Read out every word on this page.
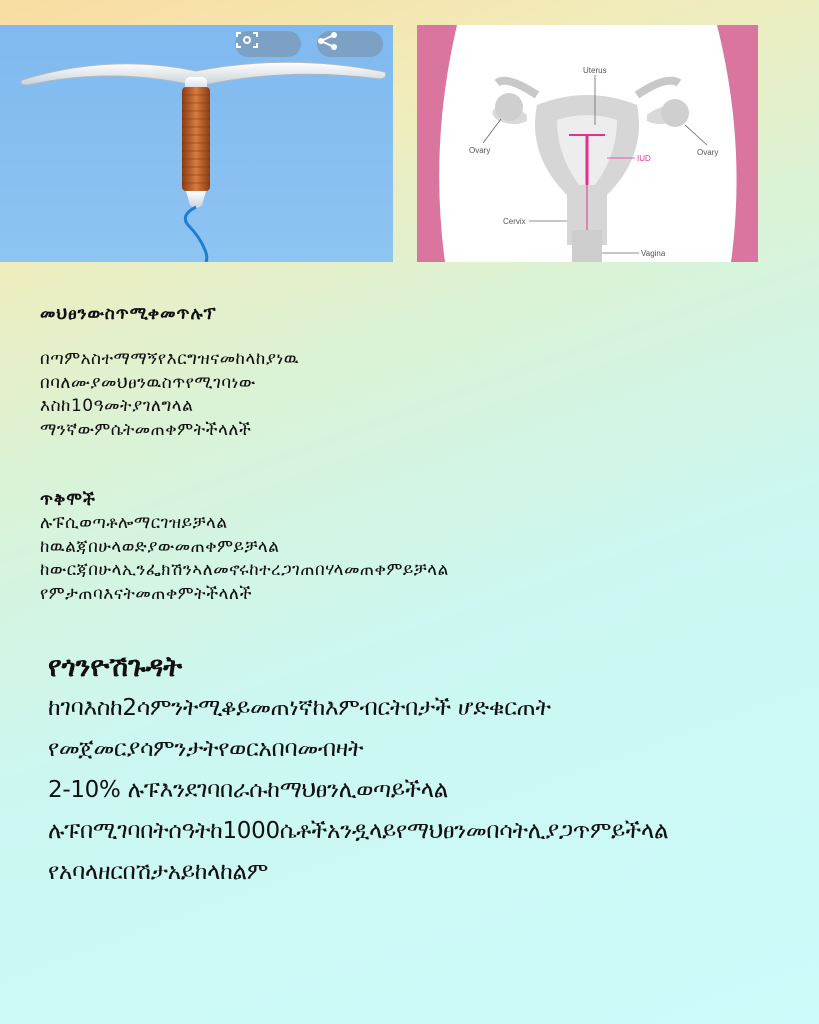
Uterus
Ovary	Ovary
IUD
Cervix
Vagina

መህፀንውስጥሚቀመጥሉፕ

በጣምአስተማማኝየእርግዝናመከላከያነዉ
በባለሙያመህፀንዉስጥየሚገባነው
እስከ10ዓመትያገለግላል
ማንኛውምሴትመጠቀምትችላለች

ጥቅሞች

ሉፑሲወጣቶሎማርገዝይቻላል
ከዉልጃበሁላወድያውመጠቀምይቻላል
ከውርጃበሁላኢንፌክሽንኣለመኖሩከተረጋገጠበሃላመጠቀምይቻላል
የምታጠባእናትመጠቀምትችላለች

የጎንዮሽጉዳት

ከገባእስከ2ሳምንትሚቆይመጠነኛከእምብርትበታች ሆድቁርጠት
የመጀመርያሳምንታትየወርአበባመብዛት
2-10% ሉፑእንደገባበራሱከማህፀንሊወጣይችላል
ሉፑበሚገባበትሰዓትከ1000ሴቶችአንዷላይየማህፀንመበሳትሊያጋጥምይችላል
የአባላዘርበሽታአይከላከልም
